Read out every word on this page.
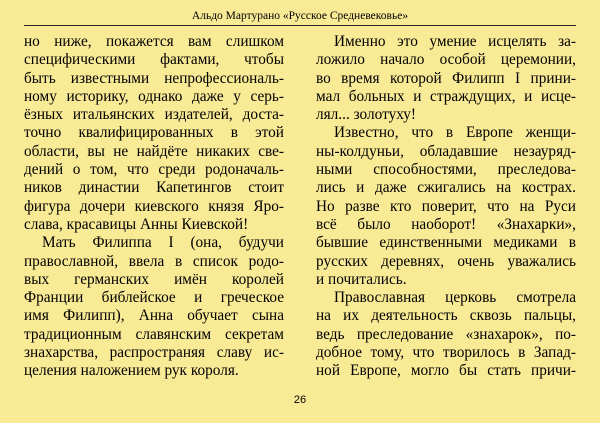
Альдо Мартурано «Русское Средневековье»
но ниже, покажется вам слишком
специфическими фактами, чтобы
быть известными непрофессиональ-
ному историку, однако даже у серь-
ёзных итальянских издателей, доста-
точно квалифицированных в этой
области, вы не найдёте никаких све-
дений о том, что среди родоначаль-
ников династии Капетингов стоит
фигура дочери киевского князя Яро-
слава, красавицы Анны Киевской!
Мать Филиппа I (она, будучи
православной, ввела в список родо-
вых германских имён королей
Франции библейское и греческое
имя Филипп), Анна обучает сына
традиционным славянским секретам
знахарства, распространяя славу ис-
целения наложением рук короля.
Именно это умение исцелять за-
ложило начало особой церемонии,
во время которой Филипп I прини-
мал больных и страждущих, и исце-
лял... золотуху!
Известно, что в Европе женщи-
ны-колдуньи, обладавшие незауряд-
ными способностями, преследова-
лись и даже сжигались на кострах.
Но разве кто поверит, что на Руси
всё было наоборот! «Знахарки»,
бывшие единственными медиками в
русских деревнях, очень уважались
и почитались.
Православная церковь смотрела
на их деятельность сквозь пальцы,
ведь преследование «знахарок», по-
добное тому, что творилось в Запад-
ной Европе, могло бы стать причи-
26
